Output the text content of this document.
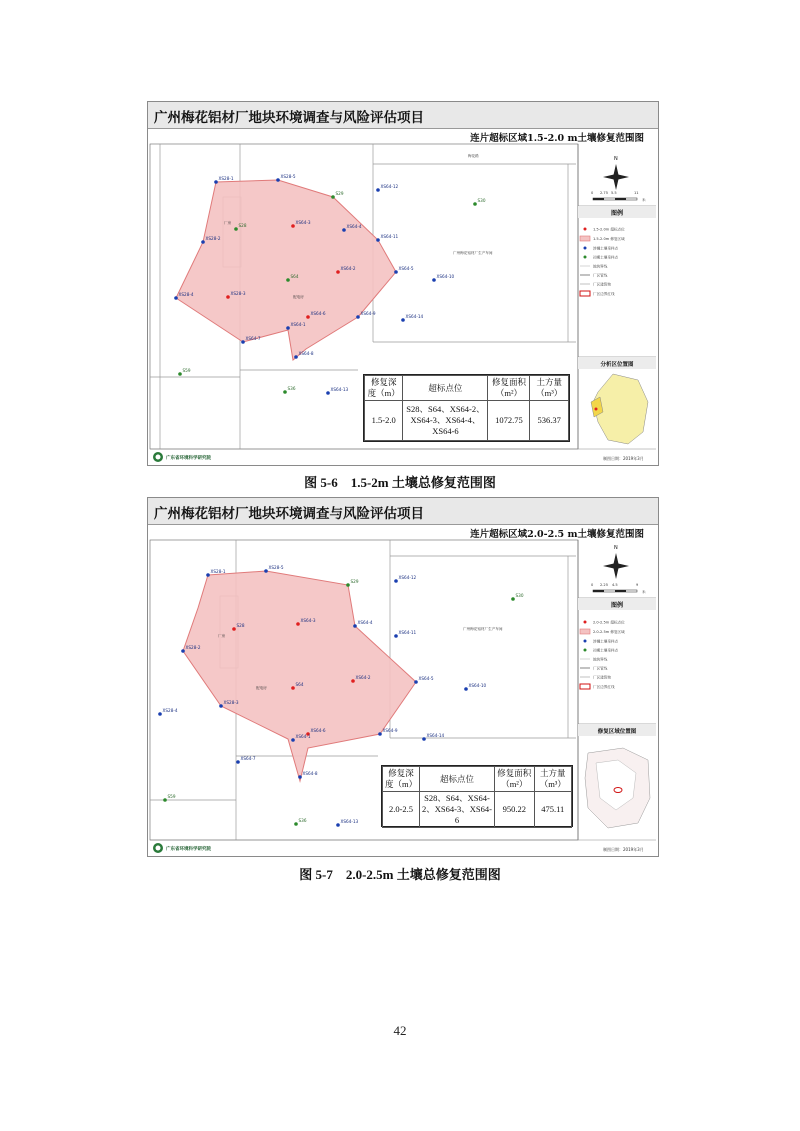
梅花路
广州梅花铝材厂生产车间
厂房
配电房
XS28-1	XS28-5
S29
XS64-12
S30
XS64-3
S28	XS64-4
XS64-11
XS28-2
S64
XS64-2	XS64-5
XS64-10
XS28-3
XS28-4
XS64-6	XS64-9
XS64-14
XS64-1
XS64-7
XS64-8
S59
S36	XS64-13
N
0 2.75 5.5	11
米
图例
1.5-2.0m 超标点位
1.5-2.0m 修复区域
涉嫌土壤采样点
初期土壤采样点
地块界线
厂区管线
厂区建筑物
厂区边界红线
分析区位置图
广东省环境科学研究院	制图日期：2019年3月
广州梅花铝材厂地块环境调查与风险评估项目
连片超标区域1.5-2.0 m土壤修复范围图
修复深度（m）	超标点位	修复面积（m²）	土方量（m³）
1.5-2.0	S28、S64、XS64-2、XS64-3、XS64-4、XS64-6	1072.75	536.37
图 5-6　1.5-2m 土壤总修复范围图
广州梅花铝材厂生产车间
厂房
配电房
XS28-1
XS28-5
S29
XS64-12
S30
XS64-3
S28
XS64-4
XS64-11
XS28-2
S64
XS64-2	XS64-5
XS64-10
XS28-3
XS28-4
XS64-6	XS64-9
XS64-14
XS64-1
XS64-7
XS64-8
S59
S36	XS64-13
N
0 2.25 4.5	9
米
图例
2.0-2.5m 超标点位
2.0-2.5m 修复区域
涉嫌土壤采样点
初期土壤采样点
地块界线
厂区管线
厂区建筑物
厂区边界红线
修复区域位置图
广东省环境科学研究院	制图日期：2019年3月
广州梅花铝材厂地块环境调查与风险评估项目
连片超标区域2.0-2.5 m土壤修复范围图
修复深度（m）	超标点位	修复面积（m²）	土方量（m³）
2.0-2.5	S28、S64、XS64-2、XS64-3、XS64-6	950.22	475.11
图 5-7　2.0-2.5m 土壤总修复范围图
42
